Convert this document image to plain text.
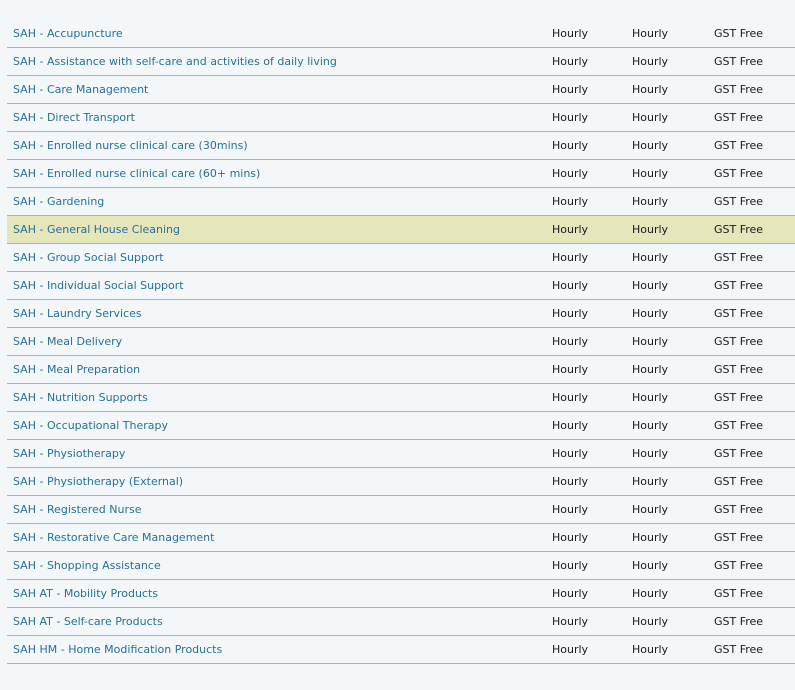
SAH - Accupuncture	Hourly	Hourly	GST Free
SAH - Assistance with self-care and activities of daily living	Hourly	Hourly	GST Free
SAH - Care Management	Hourly	Hourly	GST Free
SAH - Direct Transport	Hourly	Hourly	GST Free
SAH - Enrolled nurse clinical care (30mins)	Hourly	Hourly	GST Free
SAH - Enrolled nurse clinical care (60+ mins)	Hourly	Hourly	GST Free
SAH - Gardening	Hourly	Hourly	GST Free
SAH - General House Cleaning	Hourly	Hourly	GST Free
SAH - Group Social Support	Hourly	Hourly	GST Free
SAH - Individual Social Support	Hourly	Hourly	GST Free
SAH - Laundry Services	Hourly	Hourly	GST Free
SAH - Meal Delivery	Hourly	Hourly	GST Free
SAH - Meal Preparation	Hourly	Hourly	GST Free
SAH - Nutrition Supports	Hourly	Hourly	GST Free
SAH - Occupational Therapy	Hourly	Hourly	GST Free
SAH - Physiotherapy	Hourly	Hourly	GST Free
SAH - Physiotherapy (External)	Hourly	Hourly	GST Free
SAH - Registered Nurse	Hourly	Hourly	GST Free
SAH - Restorative Care Management	Hourly	Hourly	GST Free
SAH - Shopping Assistance	Hourly	Hourly	GST Free
SAH AT - Mobility Products	Hourly	Hourly	GST Free
SAH AT - Self-care Products	Hourly	Hourly	GST Free
SAH HM - Home Modification Products	Hourly	Hourly	GST Free
